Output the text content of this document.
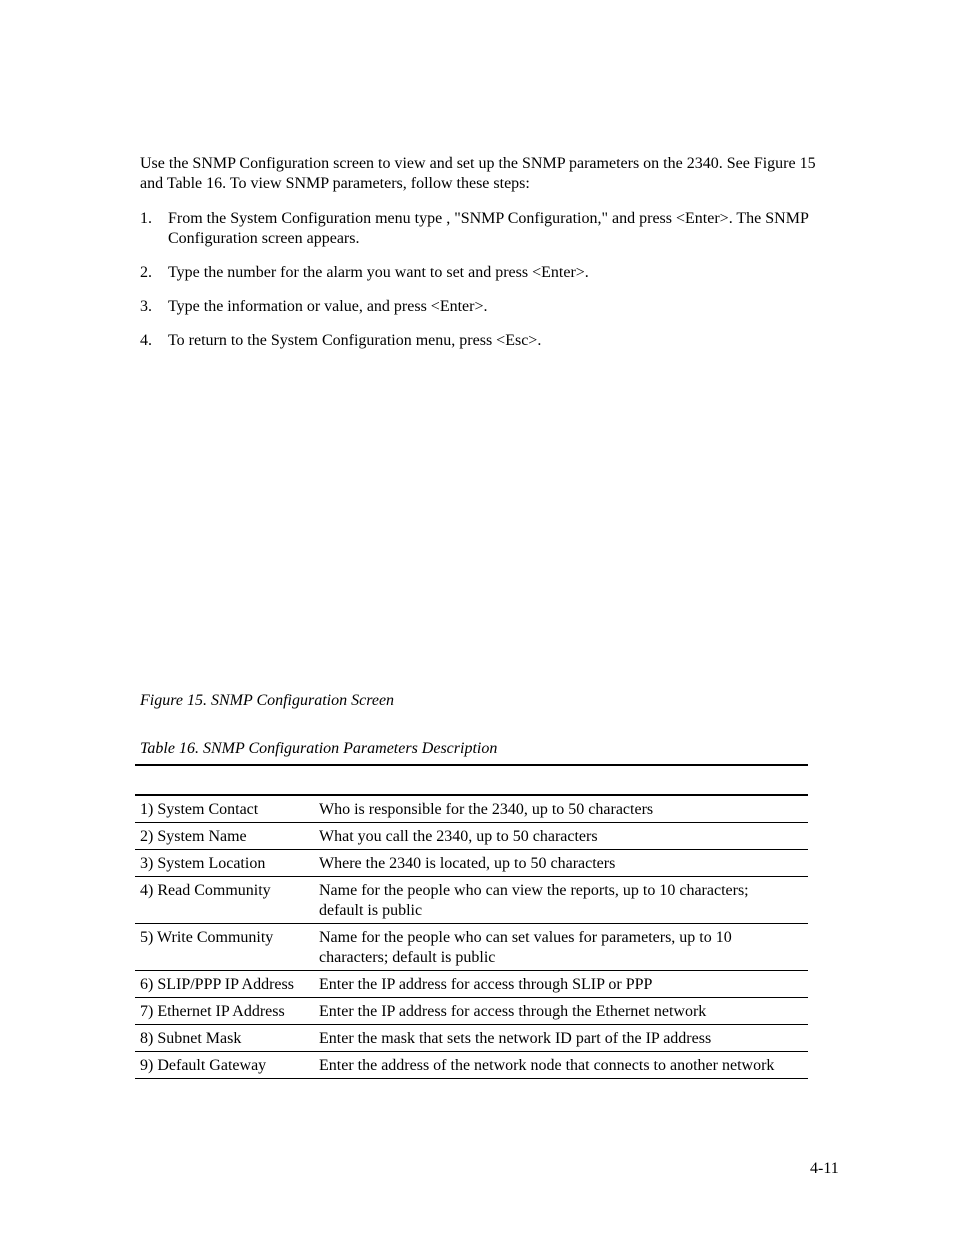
Use the SNMP Configuration screen to view and set up the SNMP parameters on the 2340. See Figure 15 and Table 16. To view SNMP parameters, follow these steps:

1. From the System Configuration menu type , "SNMP Configuration," and press <Enter>. The SNMP Configuration screen appears.
2. Type the number for the alarm you want to set and press <Enter>.
3. Type the information or value, and press <Enter>.
4. To return to the System Configuration menu, press <Esc>.

Figure 15. SNMP Configuration Screen

Table 16. SNMP Configuration Parameters Description

1) System Contact	Who is responsible for the 2340, up to 50 characters
2) System Name	What you call the 2340, up to 50 characters
3) System Location	Where the 2340 is located, up to 50 characters
4) Read Community	Name for the people who can view the reports, up to 10 characters; default is public
5) Write Community	Name for the people who can set values for parameters, up to 10 characters; default is public
6) SLIP/PPP IP Address	Enter the IP address for access through SLIP or PPP
7) Ethernet IP Address	Enter the IP address for access through the Ethernet network
8) Subnet Mask	Enter the mask that sets the network ID part of the IP address
9) Default Gateway	Enter the address of the network node that connects to another network

4-11
